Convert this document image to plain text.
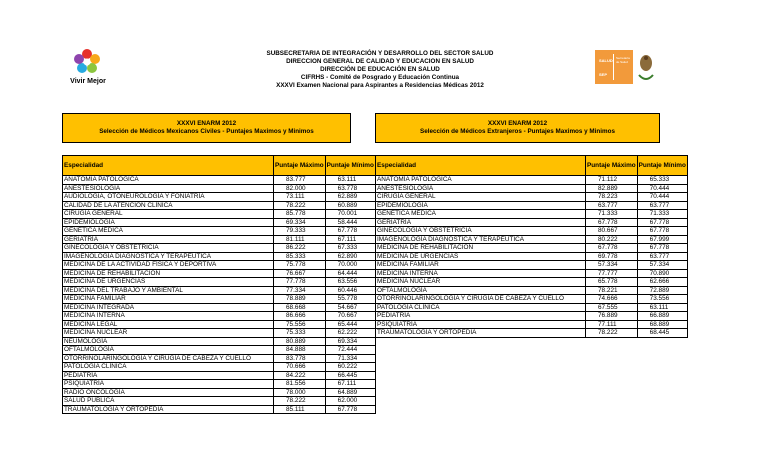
Vivir Mejor
SUBSECRETARIA DE INTEGRACIÓN Y DESARROLLO DEL SECTOR SALUD
DIRECCION GENERAL DE CALIDAD Y EDUCACION EN SALUD
DIRECCIÓN DE EDUCACIÓN EN SALUD
CIFRHS - Comité de Posgrado y Educación Continua
XXXVI Examen Nacional para Aspirantes a Residencias Médicas 2012
SALUD Secretaría de Salud
SEP
XXXVI ENARM 2012
Selección de Médicos Mexicanos Civiles - Puntajes Maximos y Minimos
XXXVI ENARM 2012
Selección de Médicos Extranjeros - Puntajes Maximos y Minimos
Especialidad	Puntaje Máximo	Puntaje Mínimo
ANATOMIA PATOLOGICA	83.777	63.111
ANESTESIOLOGIA	82.000	63.778
AUDIOLOGIA, OTONEUROLOGÍA Y FONIATRÍA	73.111	62.889
CALIDAD DE LA ATENCIÓN CLÍNICA	78.222	60.889
CIRUGÍA GENERAL	85.778	70.001
EPIDEMIOLOGÍA	69.334	58.444
GENÉTICA MÉDICA	79.333	67.778
GERIATRÍA	81.111	67.111
GINECOLOGÍA Y OBSTETRICIA	86.222	67.333
IMAGENOLOGÍA DIAGNÓSTICA Y TERAPEUTICA	85.333	62.890
MEDICINA DE LA ACTIVIDAD FÍSICA Y DEPORTIVA	75.778	70.000
MEDICINA DE REHABILITACIÓN	76.667	64.444
MEDICINA DE URGENCIAS	77.778	63.556
MEDICINA DEL TRABAJO Y AMBIENTAL	77.334	60.446
MEDICINA FAMILIAR	78.889	55.778
MEDICINA INTEGRADA	68.668	54.667
MEDICINA INTERNA	86.666	70.667
MEDICINA LEGAL	75.556	65.444
MEDICINA NUCLEAR	75.333	62.222
NEUMOLOGÍA	80.889	69.334
OFTALMOLOGÍA	84.888	72.444
OTORRINOLARINGOLOGÍA Y CIRUGÍA DE CABEZA Y CUELLO	83.778	71.334
PATOLOGÍA CLÍNICA	70.666	60.222
PEDIATRÍA	84.222	66.445
PSIQUIATRÍA	81.556	67.111
RADIO ONCOLOGÍA	78.000	64.889
SALUD PÚBLICA	78.222	62.000
TRAUMATOLOGÍA Y ORTOPEDIA	85.111	67.778
Especialidad	Puntaje Máximo	Puntaje Mínimo
ANATOMÍA PATOLÓGICA	71.112	65.333
ANESTESIOLOGÍA	82.889	70.444
CIRUGÍA GENERAL	78.223	70.444
EPIDEMIOLOGÍA	63.777	63.777
GENÉTICA MÉDICA	71.333	71.333
GERIATRÍA	67.778	67.778
GINECOLOGÍA Y OBSTETRICIA	80.667	67.778
IMAGENOLOGÍA DIAGNÓSTICA Y TERAPÉUTICA	80.222	67.999
MEDICINA DE REHABILITACIÓN	67.778	67.778
MEDICINA DE URGENCIAS	69.778	63.777
MEDICINA FAMILIAR	57.334	57.334
MEDICINA INTERNA	77.777	70.890
MEDICINA NUCLEAR	65.778	62.666
OFTALMOLOGÍA	78.221	72.889
OTORRINOLARINGOLOGÍA Y CIRUGÍA DE CABEZA Y CUELLO	74.666	73.556
PATOLOGÍA CLÍNICA	67.555	63.111
PEDIATRÍA	76.889	66.889
PSIQUIATRÍA	77.111	68.889
TRAUMATOLOGÍA Y ORTOPEDIA	78.222	68.445
